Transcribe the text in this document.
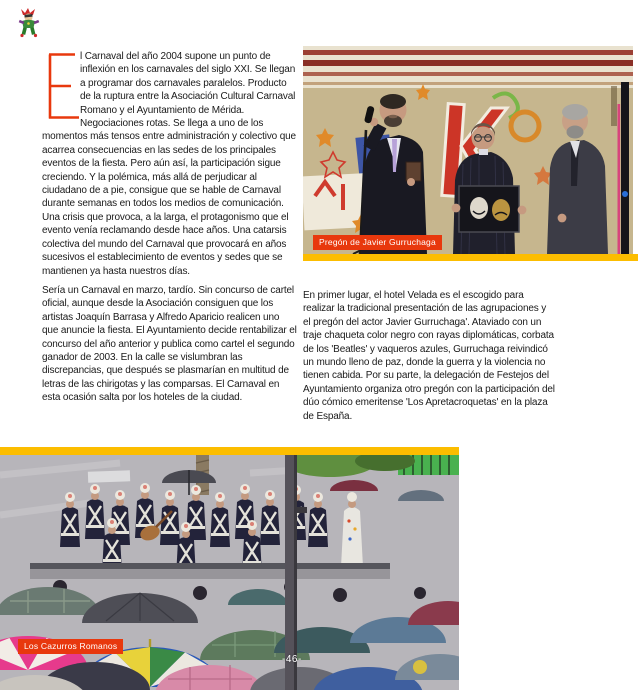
l Carnaval del año 2004 supone un punto de inflexión en los carnavales del siglo XXI. Se llegan a programar dos carnavales paralelos. Producto de la ruptura entre la Asociación Cultural Carnaval Romano y el Ayuntamiento de Mérida. Negociaciones rotas. Se llega a uno de los momentos más tensos entre administración y colectivo que acarrea consecuencias en las sedes de los principales eventos de la fiesta. Pero aún así, la participación sigue creciendo. Y la polémica, más allá de perjudicar al ciudadano de a pie, consigue que se hable de Carnaval durante semanas en todos los medios de comunicación. Una crisis que provoca, a la larga, el protagonismo que el evento venía reclamando desde hace años. Una catarsis colectiva del mundo del Carnaval que provocará en años sucesivos el establecimiento de eventos y sedes que se mantienen ya hasta nuestros días.
Sería un Carnaval en marzo, tardío. Sin concurso de cartel oficial, aunque desde la Asociación consiguen que los artistas Joaquín Barrasa y Alfredo Aparicio realicen uno que anuncie la fiesta. El Ayuntamiento decide rentabilizar el concurso del año anterior y publica como cartel el segundo ganador de 2003. En la calle se vislumbran las discrepancias, que después se plasmarían en multitud de letras de las chirigotas y las comparsas. El Carnaval en esta ocasión salta por los hoteles de la ciudad.
En primer lugar, el hotel Velada es el escogido para realizar la tradicional presentación de las agrupaciones y el pregón del actor Javier Gurruchaga'. Ataviado con un traje chaqueta color negro con rayas diplomáticas, corbata de los 'Beatles' y vaqueros azules, Gurruchaga reivindicó un mundo lleno de paz, donde la guerra y la violencia no tienen cabida. Por su parte, la delegación de Festejos del Ayuntamiento organiza otro pregón con la participación del dúo cómico emeritense 'Los Apretacroquetas' en la plaza de España.
Pregón de Javier Gurruchaga
Los Cazurros Romanos
-46-
